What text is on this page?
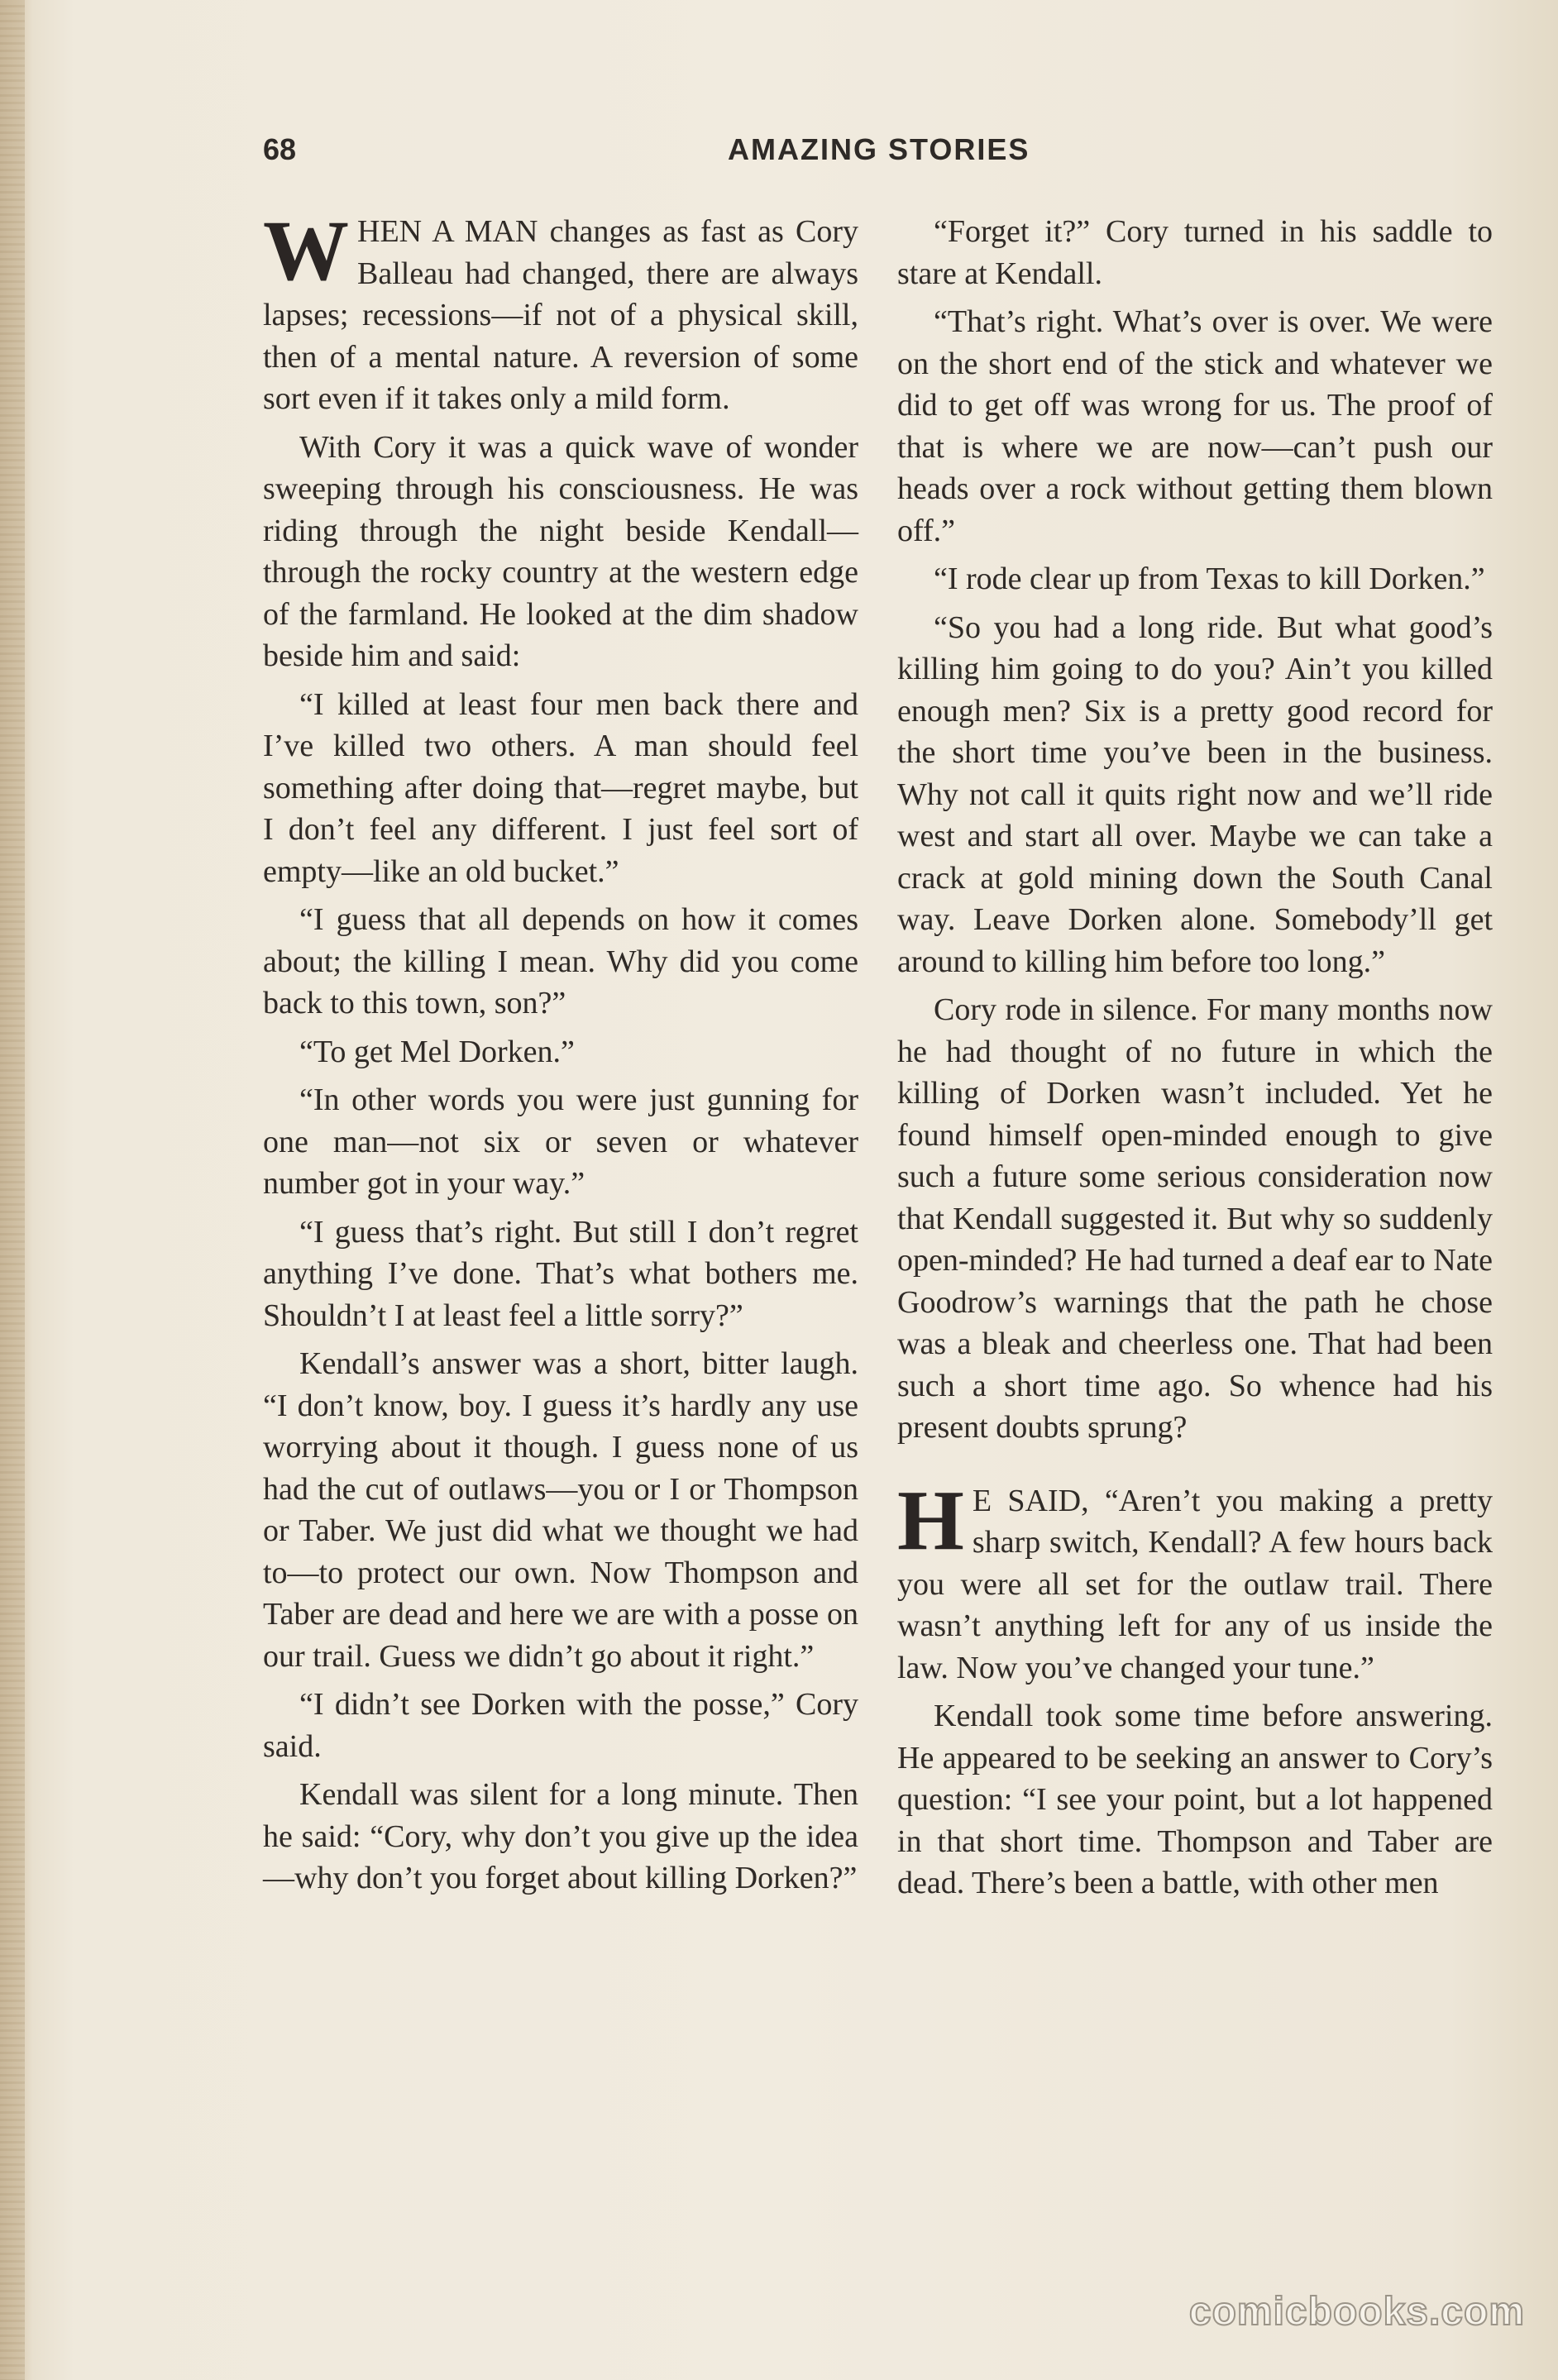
68	AMAZING STORIES

WHEN A MAN changes as fast as Cory Balleau had changed, there are always lapses; recessions—if not of a physical skill, then of a mental nature. A reversion of some sort even if it takes only a mild form.

With Cory it was a quick wave of wonder sweeping through his consciousness. He was riding through the night beside Kendall—through the rocky country at the western edge of the farmland. He looked at the dim shadow beside him and said:

“I killed at least four men back there and I’ve killed two others. A man should feel something after doing that—regret maybe, but I don’t feel any different. I just feel sort of empty—like an old bucket.”

“I guess that all depends on how it comes about; the killing I mean. Why did you come back to this town, son?”

“To get Mel Dorken.”

“In other words you were just gunning for one man—not six or seven or whatever number got in your way.”

“I guess that’s right. But still I don’t regret anything I’ve done. That’s what bothers me. Shouldn’t I at least feel a little sorry?”

Kendall’s answer was a short, bitter laugh. “I don’t know, boy. I guess it’s hardly any use worrying about it though. I guess none of us had the cut of outlaws—you or I or Thompson or Taber. We just did what we thought we had to—to protect our own. Now Thompson and Taber are dead and here we are with a posse on our trail. Guess we didn’t go about it right.”

“I didn’t see Dorken with the posse,” Cory said.

Kendall was silent for a long minute. Then he said: “Cory, why don’t you give up the idea—why don’t you forget about killing Dorken?”

“Forget it?” Cory turned in his saddle to stare at Kendall.

“That’s right. What’s over is over. We were on the short end of the stick and whatever we did to get off was wrong for us. The proof of that is where we are now—can’t push our heads over a rock without getting them blown off.”

“I rode clear up from Texas to kill Dorken.”

“So you had a long ride. But what good’s killing him going to do you? Ain’t you killed enough men? Six is a pretty good record for the short time you’ve been in the business. Why not call it quits right now and we’ll ride west and start all over. Maybe we can take a crack at gold mining down the South Canal way. Leave Dorken alone. Somebody’ll get around to killing him before too long.”

Cory rode in silence. For many months now he had thought of no future in which the killing of Dorken wasn’t included. Yet he found himself open-minded enough to give such a future some serious consideration now that Kendall suggested it. But why so suddenly open-minded? He had turned a deaf ear to Nate Goodrow’s warnings that the path he chose was a bleak and cheerless one. That had been such a short time ago. So whence had his present doubts sprung?

H E SAID, “Aren’t you making a pretty sharp switch, Kendall? A few hours back you were all set for the outlaw trail. There wasn’t anything left for any of us inside the law. Now you’ve changed your tune.”

Kendall took some time before answering. He appeared to be seeking an answer to Cory’s question: “I see your point, but a lot happened in that short time. Thompson and Taber are dead. There’s been a battle, with other men

comicbooks.com
